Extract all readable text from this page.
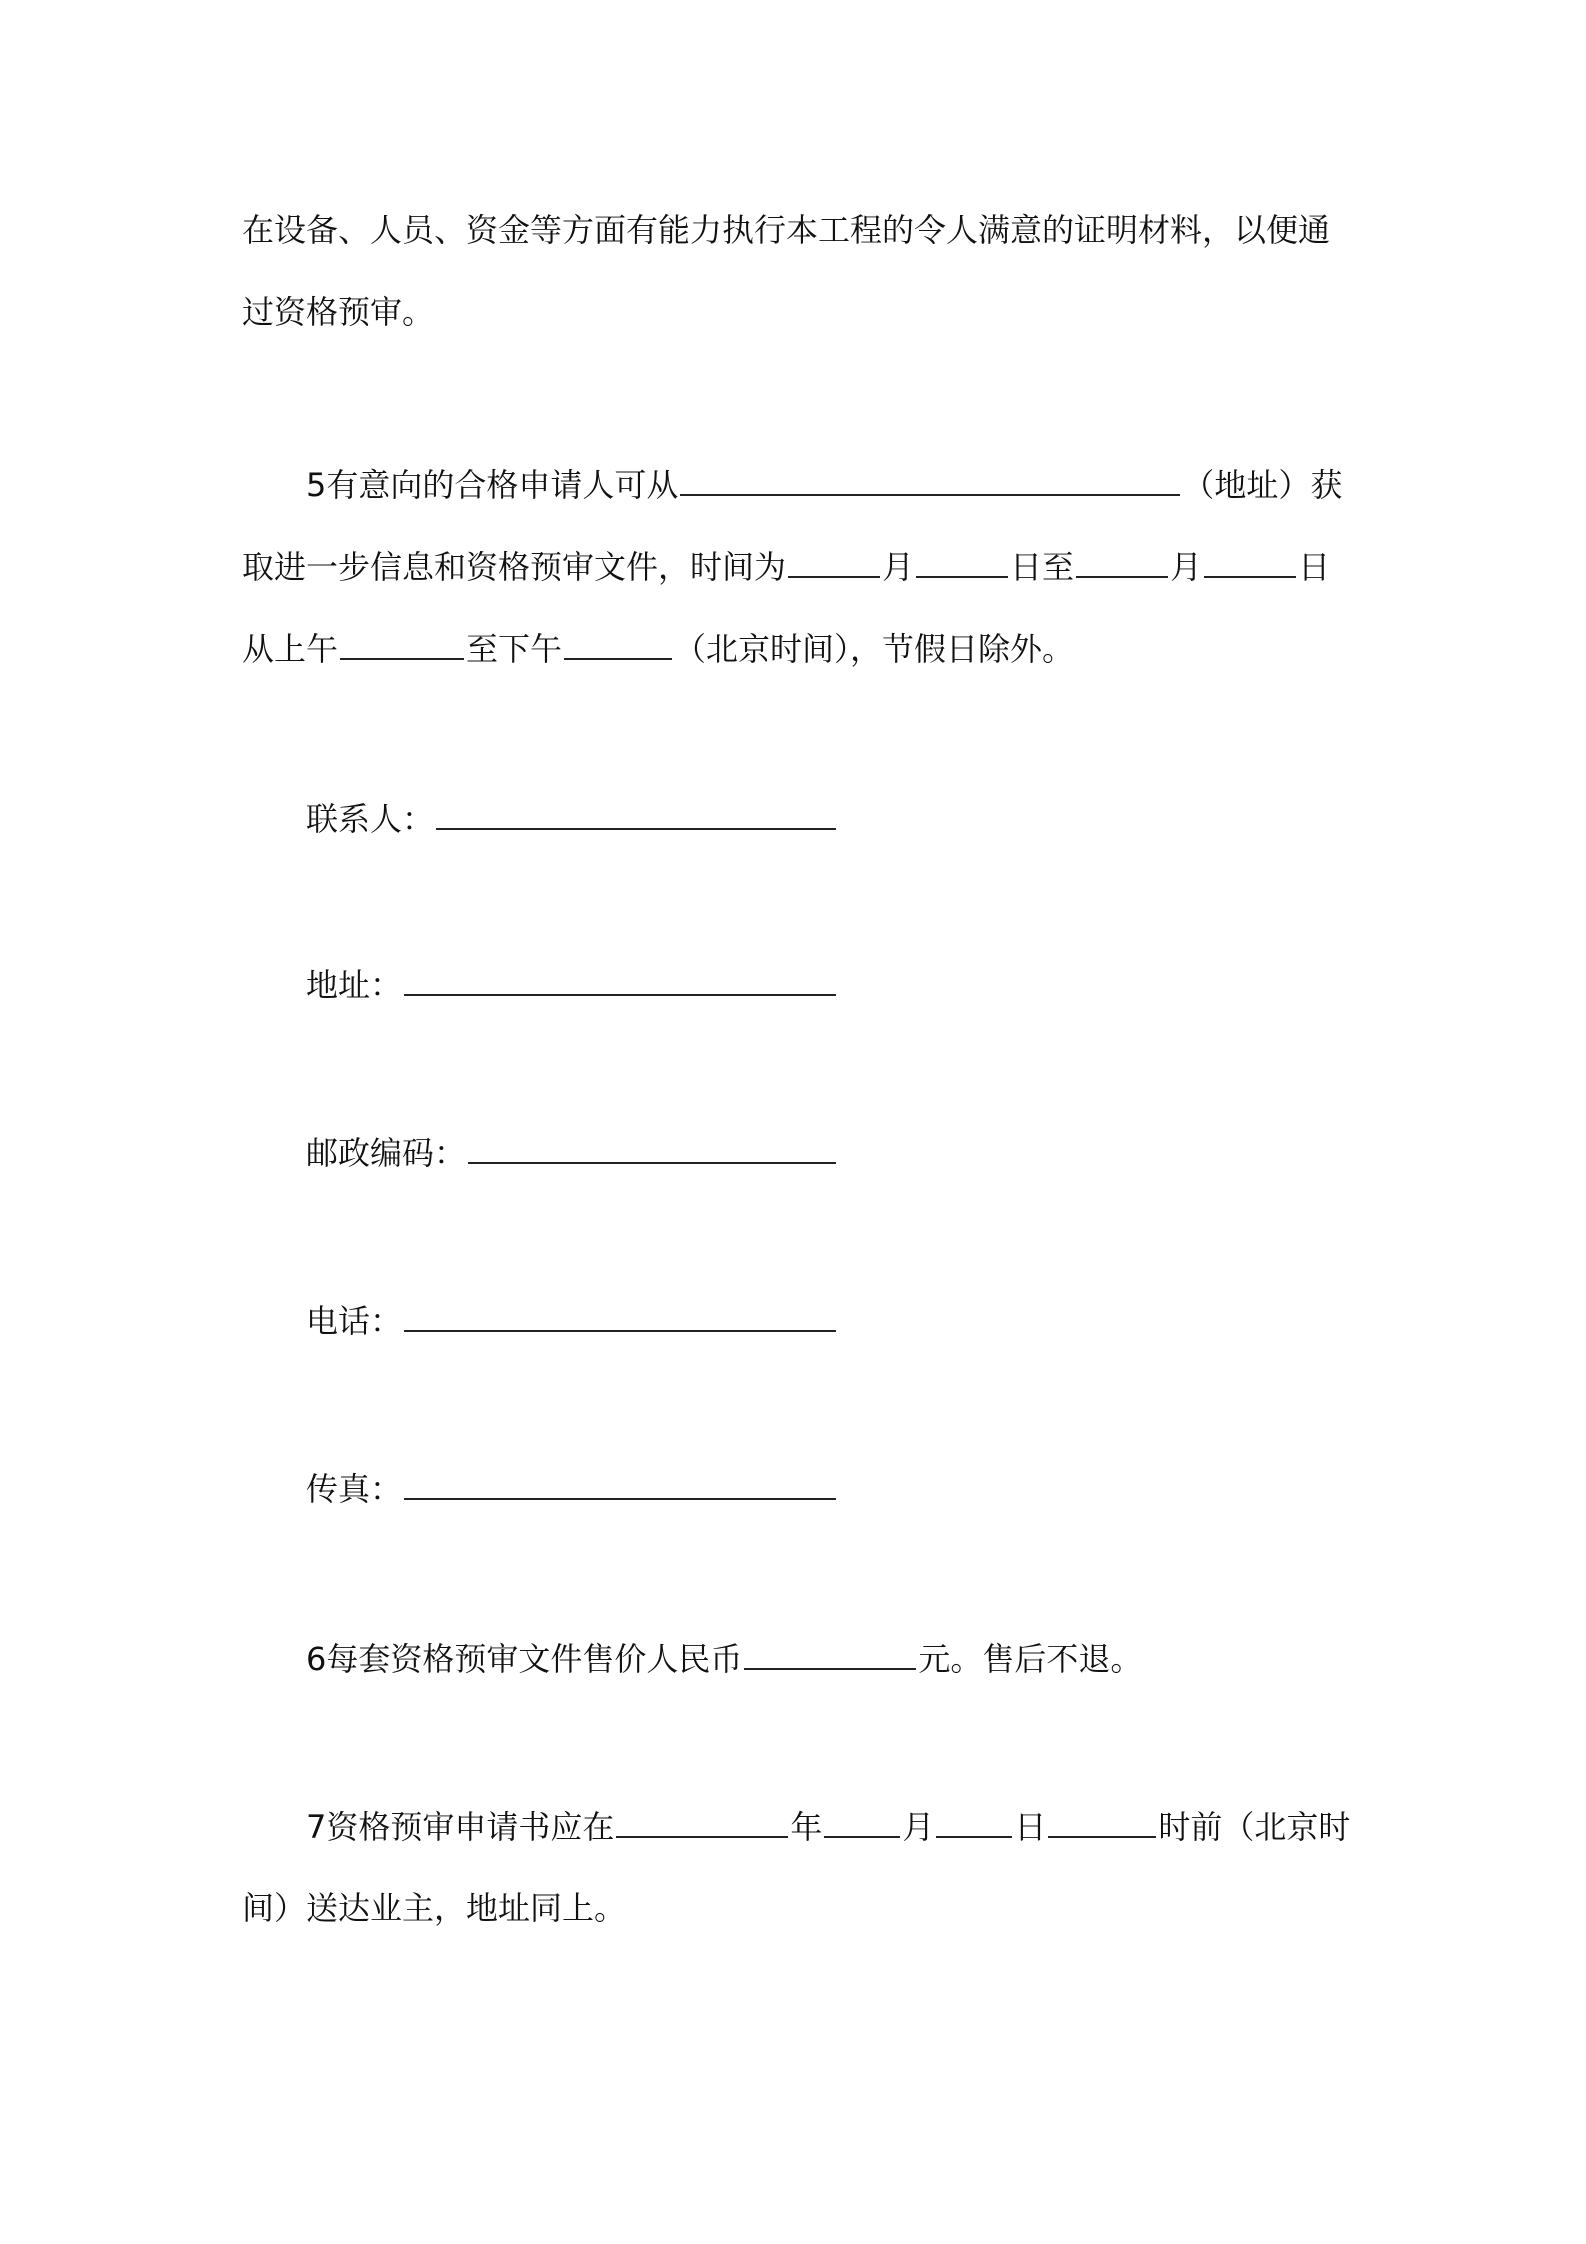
在设备、人员、资金等方面有能力执行本工程的令人满意的证明材料，以便通
过资格预审。
5有意向的合格申请人可从	（地址）获
取进一步信息和资格预审文件，时间为	月	日至	月	日
从上午	至下午	（北京时间），节假日除外。
联系人：
地址：
邮政编码：
电话：
传真：
6每套资格预审文件售价人民币	元。售后不退。
7资格预审申请书应在	年	月	日	时前（北京时
间）送达业主，地址同上。
